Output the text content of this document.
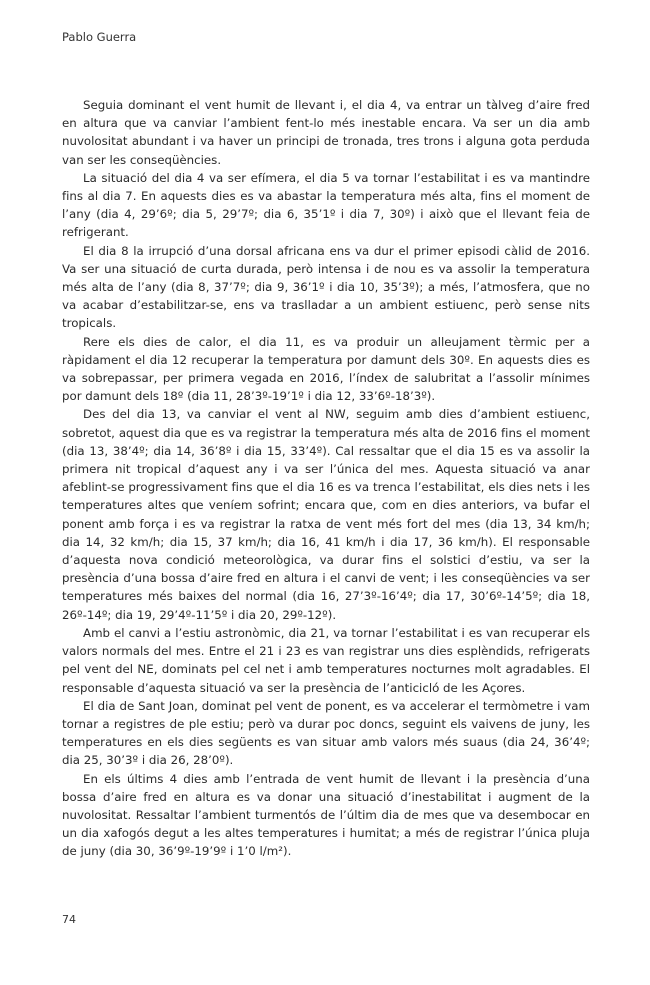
Pablo Guerra

Seguia dominant el vent humit de llevant i, el dia 4, va entrar un tàlveg d’aire fred en altura que va canviar l’ambient fent-lo més inestable encara. Va ser un dia amb nuvolositat abundant i va haver un principi de tronada, tres trons i alguna gota perduda van ser les conseqüències.

La situació del dia 4 va ser efímera, el dia 5 va tornar l’estabilitat i es va mantindre fins al dia 7. En aquests dies es va abastar la temperatura més alta, fins el moment de l’any (dia 4, 29’6º; dia 5, 29’7º; dia 6, 35’1º i dia 7, 30º) i això que el llevant feia de refrigerant.

El dia 8 la irrupció d’una dorsal africana ens va dur el primer episodi càlid de 2016. Va ser una situació de curta durada, però intensa i de nou es va assolir la temperatura més alta de l’any (dia 8, 37’7º; dia 9, 36’1º i dia 10, 35’3º); a més, l’atmosfera, que no va acabar d’estabilitzar-se, ens va traslladar a un ambient estiuenc, però sense nits tropicals.

Rere els dies de calor, el dia 11, es va produir un alleujament tèrmic per a ràpidament el dia 12 recuperar la temperatura por damunt dels 30º. En aquests dies es va sobrepassar, per primera vegada en 2016, l’índex de salubritat a l’assolir mínimes por damunt dels 18º (dia 11, 28’3º-19’1º i dia 12, 33’6º-18’3º).

Des del dia 13, va canviar el vent al NW, seguim amb dies d’ambient estiuenc, sobretot, aquest dia que es va registrar la temperatura més alta de 2016 fins el moment (dia 13, 38’4º; dia 14, 36’8º i dia 15, 33’4º). Cal ressaltar que el dia 15 es va assolir la primera nit tropical d’aquest any i va ser l’única del mes. Aquesta situació va anar afeblint-se progressivament fins que el dia 16 es va trenca l’estabilitat, els dies nets i les temperatures altes que veníem sofrint; encara que, com en dies anteriors, va bufar el ponent amb força i es va registrar la ratxa de vent més fort del mes (dia 13, 34 km/h; dia 14, 32 km/h; dia 15, 37 km/h; dia 16, 41 km/h i dia 17, 36 km/h). El responsable d’aquesta nova condició meteorològica, va durar fins el solstici d’estiu, va ser la presència d’una bossa d’aire fred en altura i el canvi de vent; i les conseqüències va ser temperatures més baixes del normal (dia 16, 27’3º-16’4º; dia 17, 30’6º-14’5º; dia 18, 26º-14º; dia 19, 29’4º-11’5º i dia 20, 29º-12º).

Amb el canvi a l’estiu astronòmic, dia 21, va tornar l’estabilitat i es van recuperar els valors normals del mes. Entre el 21 i 23 es van registrar uns dies esplèndids, refrigerats pel vent del NE, dominats pel cel net i amb temperatures nocturnes molt agradables. El responsable d’aquesta situació va ser la presència de l’anticicló de les Açores.

El dia de Sant Joan, dominat pel vent de ponent, es va accelerar el termòmetre i vam tornar a registres de ple estiu; però va durar poc doncs, seguint els vaivens de juny, les temperatures en els dies següents es van situar amb valors més suaus (dia 24, 36’4º; dia 25, 30’3º i dia 26, 28’0º).

En els últims 4 dies amb l’entrada de vent humit de llevant i la presència d’una bossa d’aire fred en altura es va donar una situació d’inestabilitat i augment de la nuvolositat. Ressaltar l’ambient turmentós de l’últim dia de mes que va desembocar en un dia xafogós degut a les altes temperatures i humitat; a més de registrar l’única pluja de juny (dia 30, 36’9º-19’9º i 1’0 l/m²).

74
